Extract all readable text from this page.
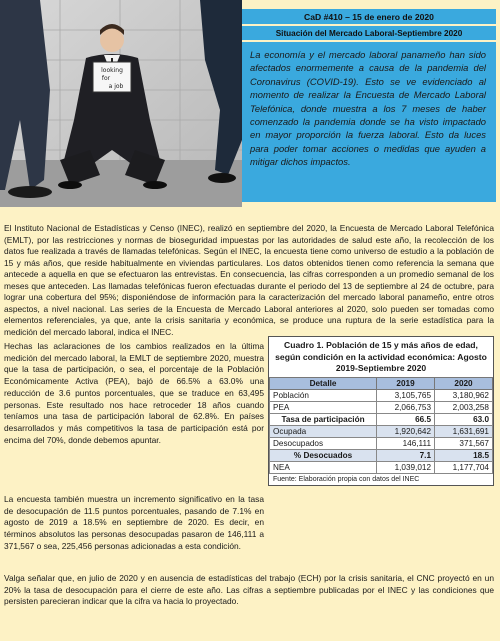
looking
for
a job
CaD #410 – 15 de enero de 2020
Situación del Mercado Laboral-Septiembre 2020
La economía y el mercado laboral panameño han sido afectados enormemente a causa de la pandemia del Coronavirus (COVID-19). Esto se ve evidenciado al momento de realizar la Encuesta de Mercado Laboral Telefónica, donde muestra a los 7 meses de haber comenzado la pandemia donde se ha visto impactado en mayor proporción la fuerza laboral. Esto da luces para poder tomar acciones o medidas que ayuden a mitigar dichos impactos.

El Instituto Nacional de Estadísticas y Censo (INEC), realizó en septiembre del 2020, la Encuesta de Mercado Laboral Telefónica (EMLT), por las restricciones y normas de bioseguridad impuestas por las autoridades de salud este año, la recolección de los datos fue realizada a través de llamadas telefónicas. Según el INEC, la encuesta tiene como universo de estudio a la población de 15 y más años, que reside habitualmente en viviendas particulares. Los datos obtenidos tienen como referencia la semana que antecede a aquella en que se efectuaron las entrevistas. En consecuencia, las cifras corresponden a un promedio semanal de los meses que anteceden. Las llamadas telefónicas fueron efectuadas durante el periodo del 13 de septiembre al 24 de octubre, para lograr una cobertura del 95%; disponiéndose de información para la caracterización del mercado laboral panameño, entre otros aspectos, a nivel nacional. Las series de la Encuesta de Mercado Laboral anteriores al 2020, solo pueden ser tomadas como elementos referenciales, ya que, ante la crisis sanitaria y económica, se produce una ruptura de la serie estadística para la medición del mercado laboral, indica el INEC.

Hechas las aclaraciones de los cambios realizados en la última medición del mercado laboral, la EMLT de septiembre 2020, muestra que la tasa de participación, o sea, el porcentaje de la Población Económicamente Activa (PEA), bajó de 66.5% a 63.0% una reducción de 3.6 puntos porcentuales, que se traduce en 63,495 personas. Este resultado nos hace retroceder 18 años cuando teníamos una tasa de participación laboral de 62.8%. En países desarrollados y más competitivos la tasa de participación está por encima del 70%, donde debemos apuntar.

La encuesta también muestra un incremento significativo en la tasa de desocupación de 11.5 puntos porcentuales, pasando de 7.1% en agosto de 2019 a 18.5% en septiembre de 2020. Es decir, en términos absolutos las personas desocupadas pasaron de 146,111 a 371,567 o sea, 225,456 personas adicionadas a esta condición.

Cuadro 1. Población de 15 y más años de edad, según condición en la actividad económica: Agosto 2019-Septiembre 2020
Detalle	2019	2020
Población	3,105,765	3,180,962
PEA	2,066,753	2,003,258
Tasa de participación	66.5	63.0
Ocupada	1,920,642	1,631,691
Desocupados	146,111	371,567
% Desocuados	7.1	18.5
NEA	1,039,012	1,177,704
Fuente: Elaboración propia con datos del INEC

Valga señalar que, en julio de 2020 y en ausencia de estadísticas del trabajo (ECH) por la crisis sanitaria, el CNC proyectó en un 20% la tasa de desocupación para el cierre de este año. Las cifras a septiembre publicadas por el INEC y las condiciones que persisten parecieran indicar que la cifra va hacia lo proyectado.
